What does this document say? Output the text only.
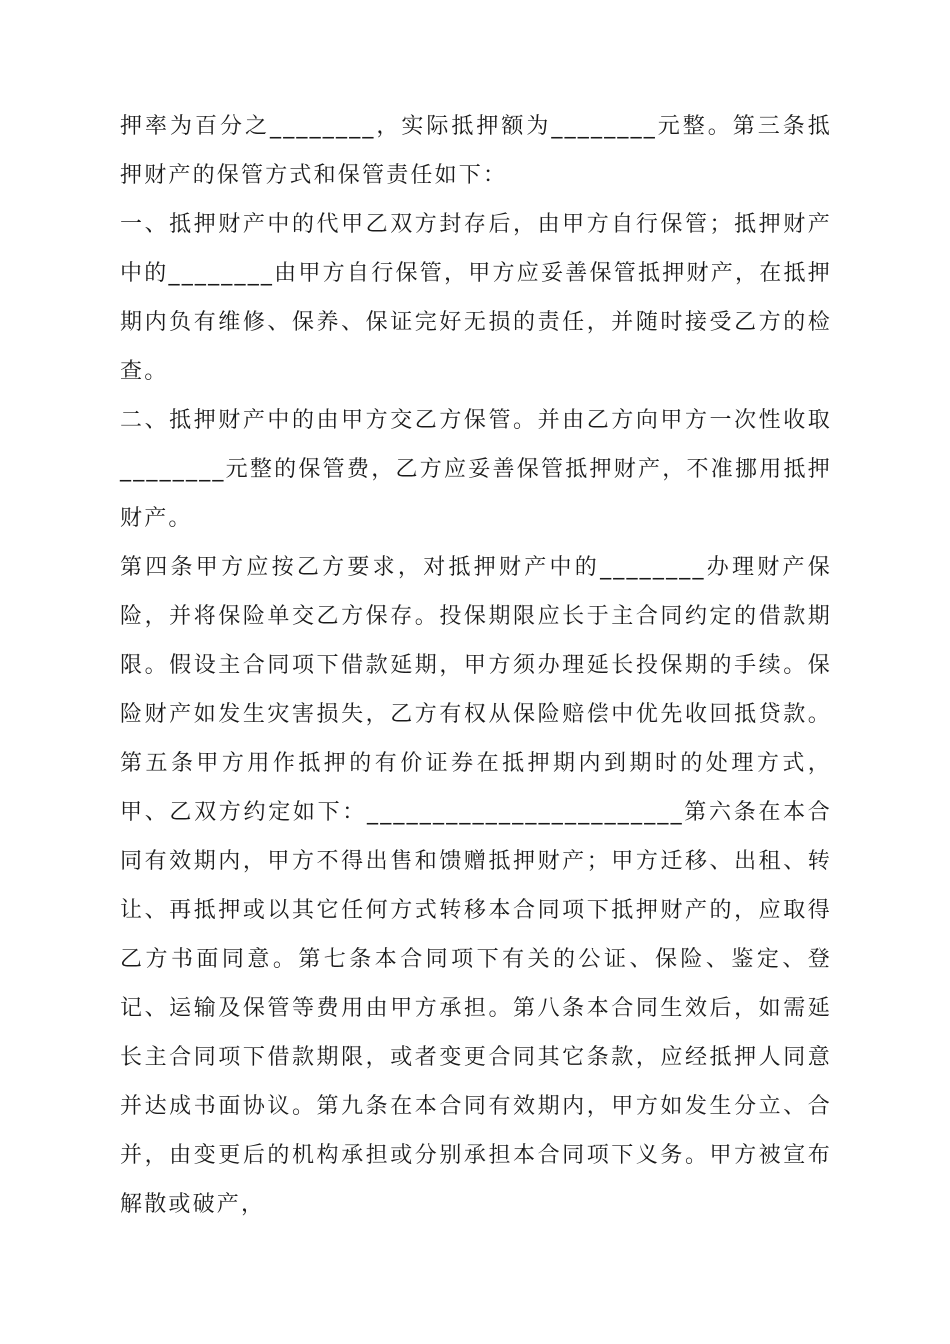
押率为百分之________，实际抵押额为________元整。第三条抵押财产的保管方式和保管责任如下：

一、抵押财产中的代甲乙双方封存后，由甲方自行保管；抵押财产中的________由甲方自行保管，甲方应妥善保管抵押财产，在抵押期内负有维修、保养、保证完好无损的责任，并随时接受乙方的检查。

二、抵押财产中的由甲方交乙方保管。并由乙方向甲方一次性收取________元整的保管费，乙方应妥善保管抵押财产，不准挪用抵押财产。

第四条甲方应按乙方要求，对抵押财产中的________办理财产保险，并将保险单交乙方保存。投保期限应长于主合同约定的借款期限。假设主合同项下借款延期，甲方须办理延长投保期的手续。保险财产如发生灾害损失，乙方有权从保险赔偿中优先收回抵贷款。第五条甲方用作抵押的有价证券在抵押期内到期时的处理方式，甲、乙双方约定如下：________________________第六条在本合同有效期内，甲方不得出售和馈赠抵押财产；甲方迁移、出租、转让、再抵押或以其它任何方式转移本合同项下抵押财产的，应取得乙方书面同意。第七条本合同项下有关的公证、保险、鉴定、登记、运输及保管等费用由甲方承担。第八条本合同生效后，如需延长主合同项下借款期限，或者变更合同其它条款，应经抵押人同意并达成书面协议。第九条在本合同有效期内，甲方如发生分立、合并，由变更后的机构承担或分别承担本合同项下义务。甲方被宣布解散或破产，
